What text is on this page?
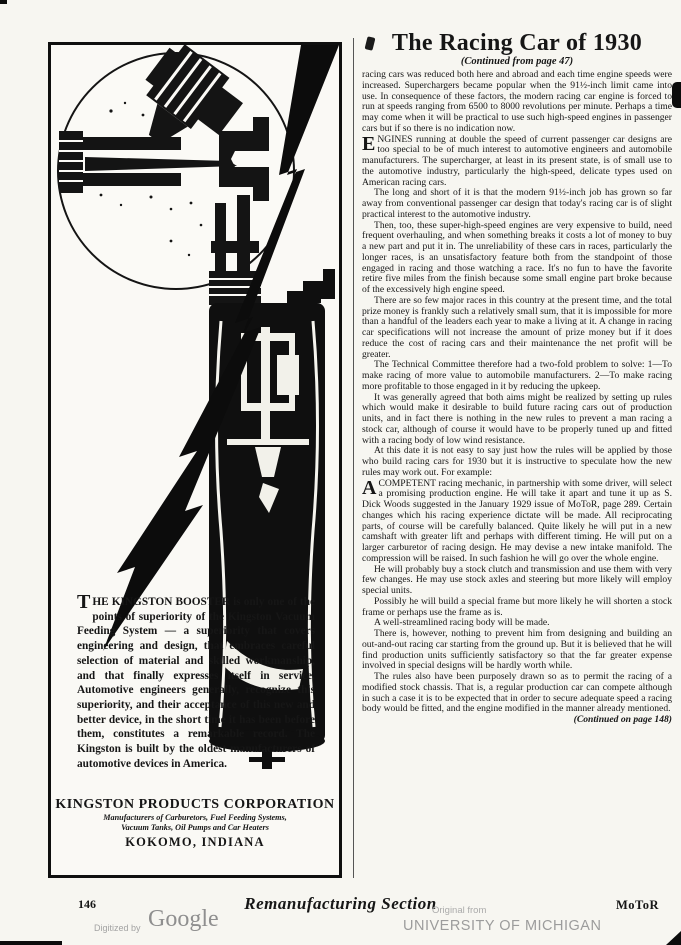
THE KINGSTON BOOSTER is only one of the points of superiority of the Kingston Vacuum Feeding System — a superiority that covers engineering and design, that embraces careful selection of material and skilled workmanship, and that finally expresses itself in service. Automotive engineers generally, recognize this superiority, and their acceptance of this new and better device, in the short time it has been before them, constitutes a remarkable record. The Kingston is built by the oldest manufacturers of automotive devices in America.

KINGSTON PRODUCTS CORPORATION
Manufacturers of Carburetors, Fuel Feeding Systems,
Vacuum Tanks, Oil Pumps and Car Heaters
KOKOMO, INDIANA
The Racing Car of 1930
(Continued from page 47)

racing cars was reduced both here and abroad and each time engine speeds were increased. Superchargers became popular when the 91½-inch limit came into use. In consequence of these factors, the modern racing car engine is forced to run at speeds ranging from 6500 to 8000 revolutions per minute. Perhaps a time may come when it will be practical to use such high-speed engines in passenger cars but if so there is no indication now.

ENGINES running at double the speed of current passenger car designs are too special to be of much interest to automotive engineers and automobile manufacturers. The supercharger, at least in its present state, is of small use to the automotive industry, particularly the high-speed, delicate types used on American racing cars.

The long and short of it is that the modern 91½-inch job has grown so far away from conventional passenger car design that today's racing car is of slight practical interest to the automotive industry.

Then, too, these super-high-speed engines are very expensive to build, need frequent overhauling, and when something breaks it costs a lot of money to buy a new part and put it in. The unreliability of these cars in races, particularly the longer races, is an unsatisfactory feature both from the standpoint of those engaged in racing and those watching a race. It's no fun to have the favorite retire five miles from the finish because some small engine part broke because of the excessively high engine speed.

There are so few major races in this country at the present time, and the total prize money is frankly such a relatively small sum, that it is impossible for more than a handful of the leaders each year to make a living at it. A change in racing car specifications will not increase the amount of prize money but if it does reduce the cost of racing cars and their maintenance the net profit will be greater.

The Technical Committee therefore had a two-fold problem to solve: 1—To make racing of more value to automobile manufacturers. 2—To make racing more profitable to those engaged in it by reducing the upkeep.

It was generally agreed that both aims might be realized by setting up rules which would make it desirable to build future racing cars out of production units, and in fact there is nothing in the new rules to prevent a man racing a stock car, although of course it would have to be properly tuned up and fitted with a racing body of low wind resistance.

At this date it is not easy to say just how the rules will be applied by those who build racing cars for 1930 but it is instructive to speculate how the new rules may work out. For example:

ACOMPETENT racing mechanic, in partnership with some driver, will select a promising production engine. He will take it apart and tune it up as S. Dick Woods suggested in the January 1929 issue of MoToR, page 289. Certain changes which his racing experience dictate will be made. All reciprocating parts, of course will be carefully balanced. Quite likely he will put in a new camshaft with greater lift and perhaps with different timing. He will put on a larger carburetor of racing design. He may devise a new intake manifold. The compression will be raised. In such fashion he will go over the whole engine.

He will probably buy a stock clutch and transmission and use them with very few changes. He may use stock axles and steering but more likely will employ special units.

Possibly he will build a special frame but more likely he will shorten a stock frame or perhaps use the frame as is.

A well-streamlined racing body will be made.

There is, however, nothing to prevent him from designing and building an out-and-out racing car starting from the ground up. But it is believed that he will find production units sufficiently satisfactory so that the far greater expense involved in special designs will be hardly worth while.

The rules also have been purposely drawn so as to permit the racing of a modified stock chassis. That is, a regular production car can compete although in such a case it is to be expected that in order to secure adequate speed a racing body would be fitted, and the engine modified in the manner already mentioned.
(Continued on page 148)

146	Remanufacturing Section	MoToR
Digitized by Google	Original from
UNIVERSITY OF MICHIGAN
